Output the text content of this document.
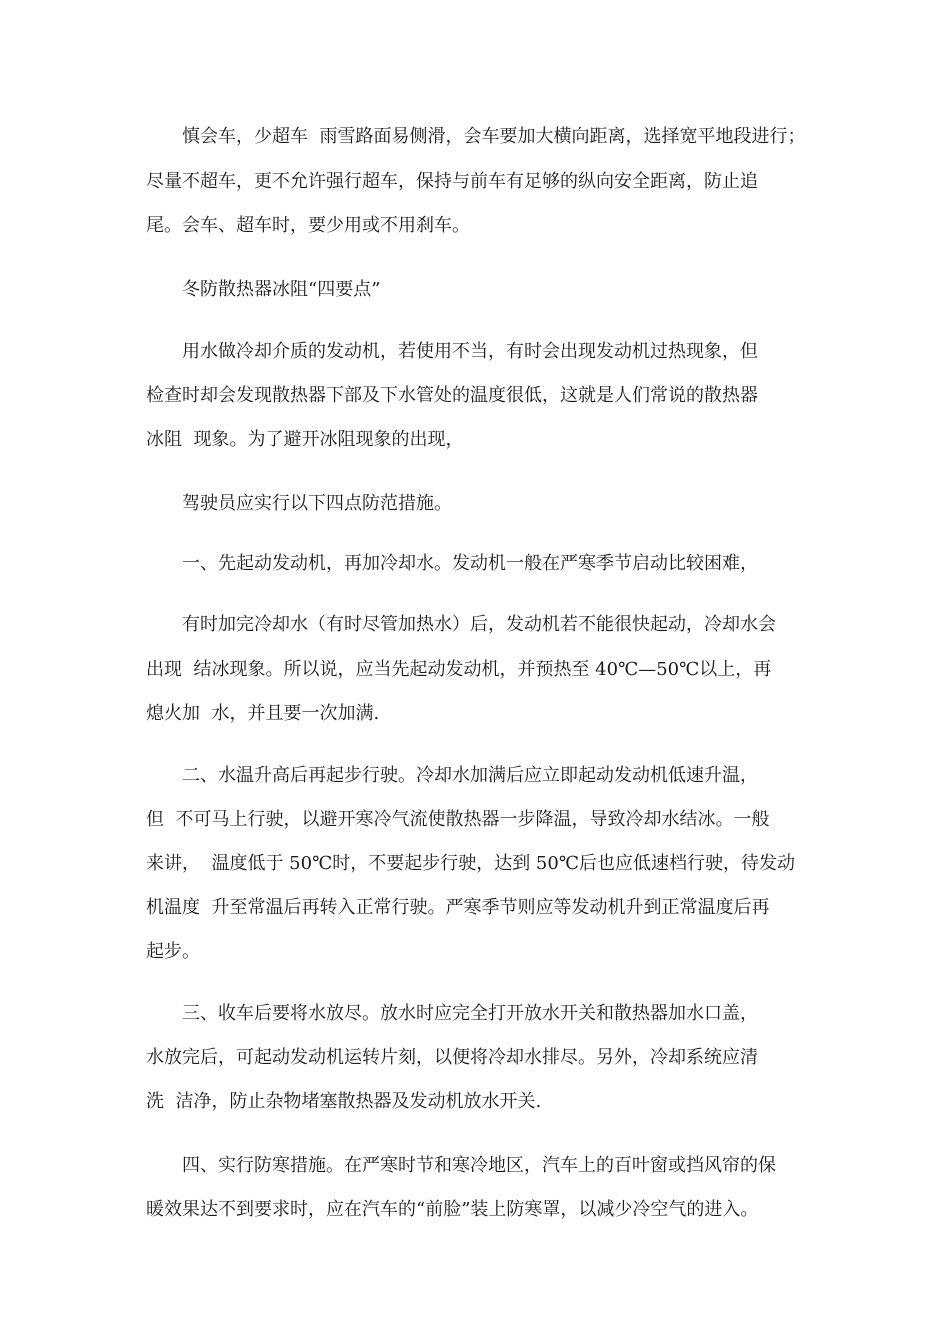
慎会车，少超车  雨雪路面易侧滑，会车要加大横向距离，选择宽平地段进行；
尽量不超车，更不允许强行超车，保持与前车有足够的纵向安全距离，防止追
尾。会车、超车时，要少用或不用刹车。
冬防散热器冰阻“四要点”
用水做冷却介质的发动机，若使用不当，有时会出现发动机过热现象，但
检查时却会发现散热器下部及下水管处的温度很低，这就是人们常说的散热器
冰阻  现象。为了避开冰阻现象的出现，
驾驶员应实行以下四点防范措施。
一、先起动发动机，再加冷却水。发动机一般在严寒季节启动比较困难，
有时加完冷却水（有时尽管加热水）后，发动机若不能很快起动，冷却水会
出现  结冰现象。所以说，应当先起动发动机，并预热至 40℃—50℃以上，再
熄火加  水，并且要一次加满.
二、水温升高后再起步行驶。冷却水加满后应立即起动发动机低速升温，
但  不可马上行驶，以避开寒冷气流使散热器一步降温，导致冷却水结冰。一般
来讲，  温度低于 50℃时，不要起步行驶，达到 50℃后也应低速档行驶，待发动
机温度  升至常温后再转入正常行驶。严寒季节则应等发动机升到正常温度后再
起步。
三、收车后要将水放尽。放水时应完全打开放水开关和散热器加水口盖，
水放完后，可起动发动机运转片刻，以便将冷却水排尽。另外，冷却系统应清
洗  洁净，防止杂物堵塞散热器及发动机放水开关.
四、实行防寒措施。在严寒时节和寒冷地区，汽车上的百叶窗或挡风帘的保
暖效果达不到要求时，应在汽车的“前脸”装上防寒罩，以减少冷空气的进入。
